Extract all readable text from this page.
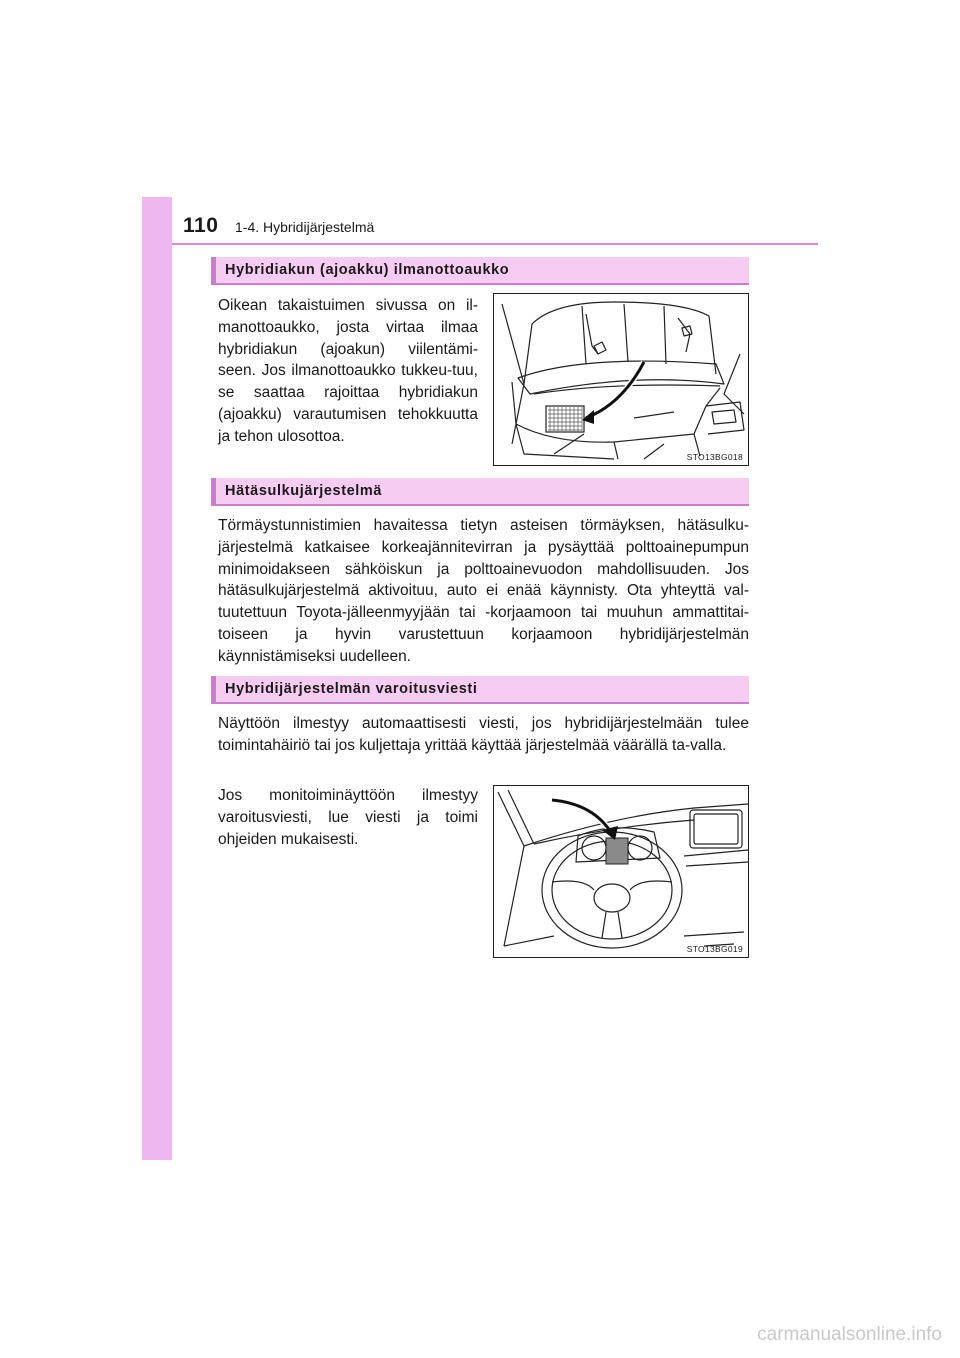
110 1-4. Hybridijärjestelmä
Hybridiakun (ajoakku) ilmanottoaukko

Oikean takaistuimen sivussa on il-manottoaukko, josta virtaa ilmaa hybridiakun (ajoakun) viilentämi-seen. Jos ilmanottoaukko tukkeu-tuu, se saattaa rajoittaa hybridiakun (ajoakku) varautumisen tehokkuutta ja tehon ulosottoa.

STO13BG018
Hätäsulkujärjestelmä

Törmäystunnistimien havaitessa tietyn asteisen törmäyksen, hätäsulku-järjestelmä katkaisee korkeajännitevirran ja pysäyttää polttoainepumpun minimoidakseen sähköiskun ja polttoainevuodon mahdollisuuden. Jos hätäsulkujärjestelmä aktivoituu, auto ei enää käynnisty. Ota yhteyttä val-tuutettuun Toyota-jälleenmyyjään tai -korjaamoon tai muuhun ammattitai-toiseen ja hyvin varustettuun korjaamoon hybridijärjestelmän käynnistämiseksi uudelleen.

Hybridijärjestelmän varoitusviesti

Näyttöön ilmestyy automaattisesti viesti, jos hybridijärjestelmään tulee toimintahäiriö tai jos kuljettaja yrittää käyttää järjestelmää väärällä ta-valla.

Jos monitoiminäyttöön ilmestyy varoitusviesti, lue viesti ja toimi ohjeiden mukaisesti.

STO13BG019
carmanualsonline.info
